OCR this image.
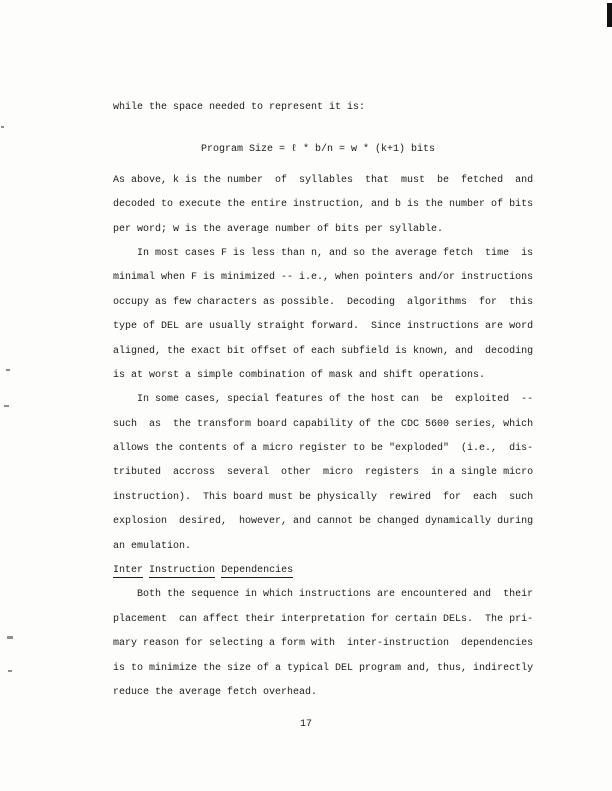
while the space needed to represent it is:
Program Size = ℓ * b/n = w * (k+1) bits
As above, k is the number  of  syllables  that  must  be  fetched  and
decoded to execute the entire instruction, and b is the number of bits
per word; w is the average number of bits per syllable.
In most cases F is less than n, and so the average fetch  time  is
minimal when F is minimized -- i.e., when pointers and/or instructions
occupy as few characters as possible.  Decoding  algorithms  for  this
type of DEL are usually straight forward.  Since instructions are word
aligned, the exact bit offset of each subfield is known, and  decoding
is at worst a simple combination of mask and shift operations.
In some cases, special features of the host can  be  exploited  --
such  as  the transform board capability of the CDC 5600 series, which
allows the contents of a micro register to be "exploded"  (i.e.,  dis-
tributed  accross  several  other  micro  registers  in a single micro
instruction).  This board must be physically  rewired  for  each  such
explosion  desired,  however, and cannot be changed dynamically during
an emulation.
Inter Instruction Dependencies
Both the sequence in which instructions are encountered and  their
placement  can affect their interpretation for certain DELs.  The pri-
mary reason for selecting a form with  inter-instruction  dependencies
is to minimize the size of a typical DEL program and, thus, indirectly
reduce the average fetch overhead.
17
